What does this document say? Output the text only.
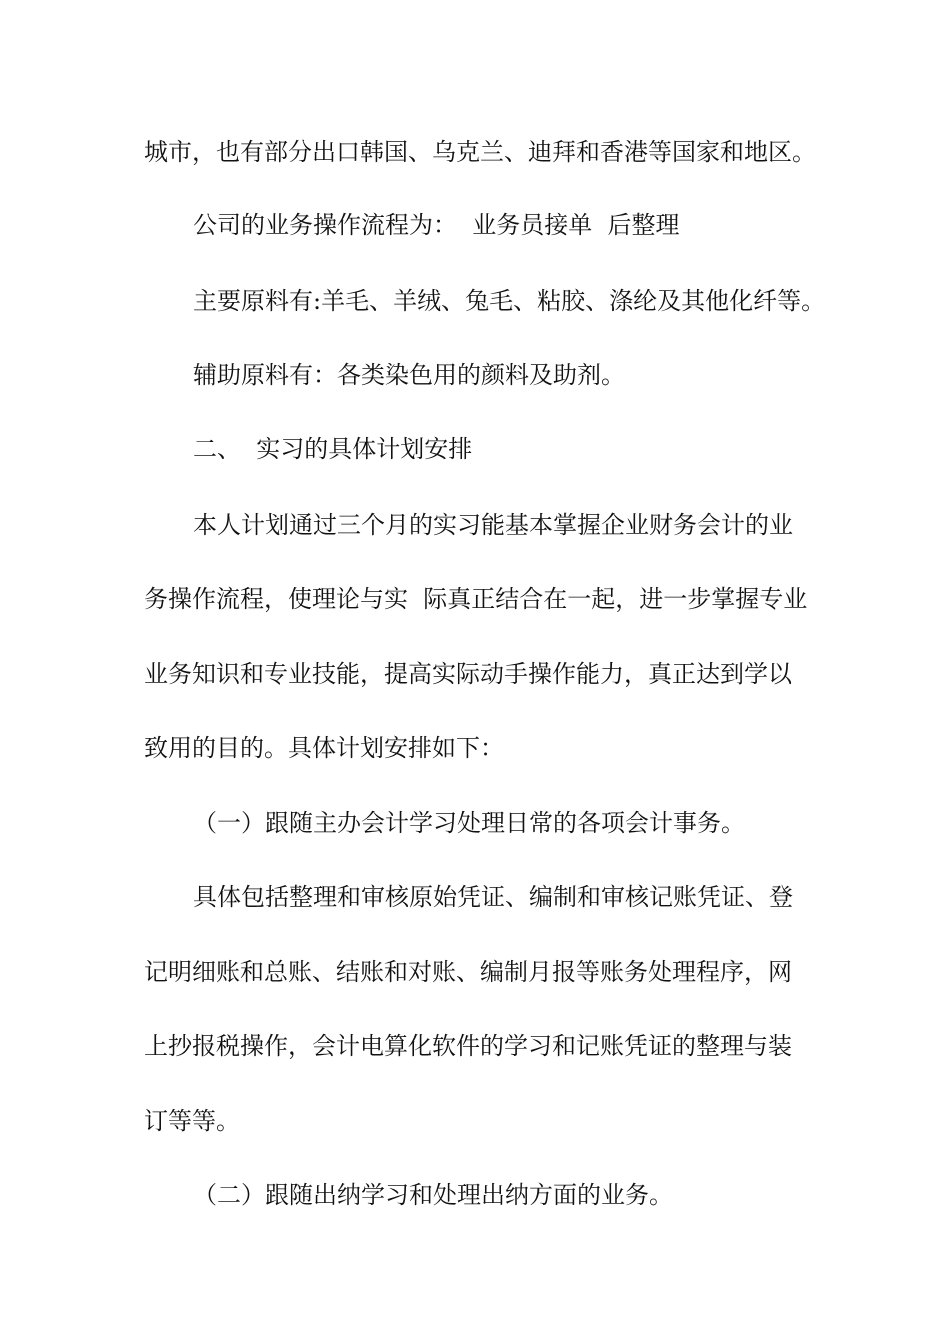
城市，也有部分出口韩国、乌克兰、迪拜和香港等国家和地区。
公司的业务操作流程为：  业务员接单  后整理
主要原料有:羊毛、羊绒、兔毛、粘胶、涤纶及其他化纤等。
辅助原料有：各类染色用的颜料及助剂。
二、  实习的具体计划安排
本人计划通过三个月的实习能基本掌握企业财务会计的业
务操作流程，使理论与实  际真正结合在一起，进一步掌握专业
业务知识和专业技能，提高实际动手操作能力，真正达到学以
致用的目的。具体计划安排如下：
（一）跟随主办会计学习处理日常的各项会计事务。
具体包括整理和审核原始凭证、编制和审核记账凭证、登
记明细账和总账、结账和对账、编制月报等账务处理程序，网
上抄报税操作，会计电算化软件的学习和记账凭证的整理与装
订等等。
（二）跟随出纳学习和处理出纳方面的业务。
